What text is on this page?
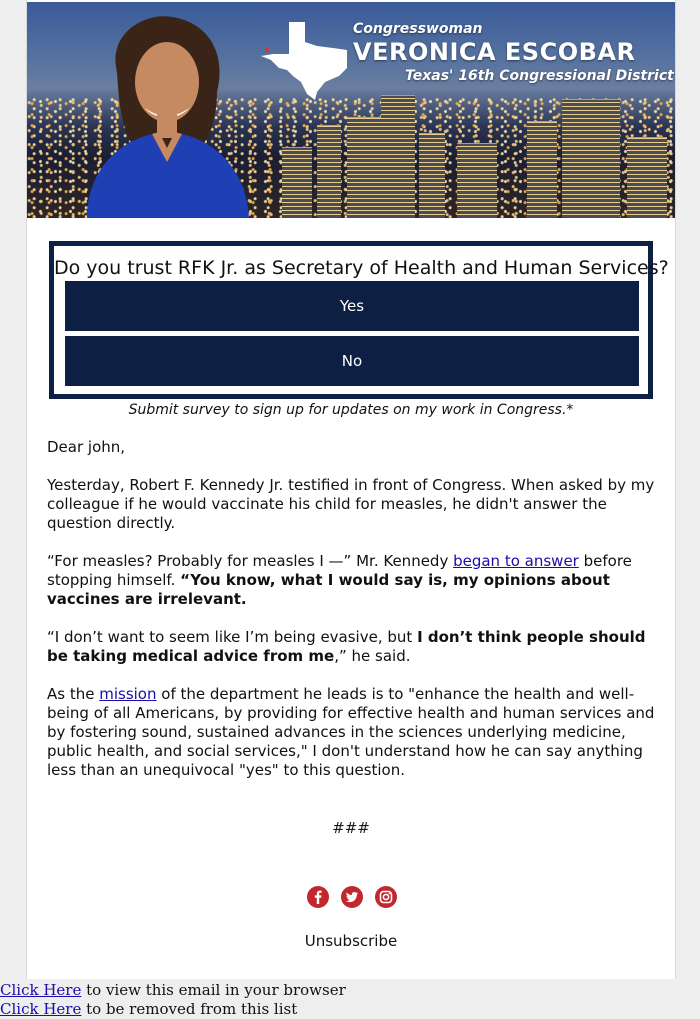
Congresswoman
VERONICA ESCOBAR
Texas' 16th Congressional District
Do you trust RFK Jr. as Secretary of Health and Human Services?
Yes
No
Submit survey to sign up for updates on my work in Congress.*

Dear john,

Yesterday, Robert F. Kennedy Jr. testified in front of Congress. When asked by my colleague if he would vaccinate his child for measles, he didn't answer the question directly.

“For measles? Probably for measles I —” Mr. Kennedy began to answer before stopping himself. “You know, what I would say is, my opinions about vaccines are irrelevant.

“I don’t want to seem like I’m being evasive, but I don’t think people should be taking medical advice from me,” he said.

As the mission of the department he leads is to "enhance the health and well-being of all Americans, by providing for effective health and human services and by fostering sound, sustained advances in the sciences underlying medicine, public health, and social services," I don't understand how he can say anything less than an unequivocal "yes" to this question.

###
Unsubscribe
Click Here to view this email in your browser
Click Here to be removed from this list
